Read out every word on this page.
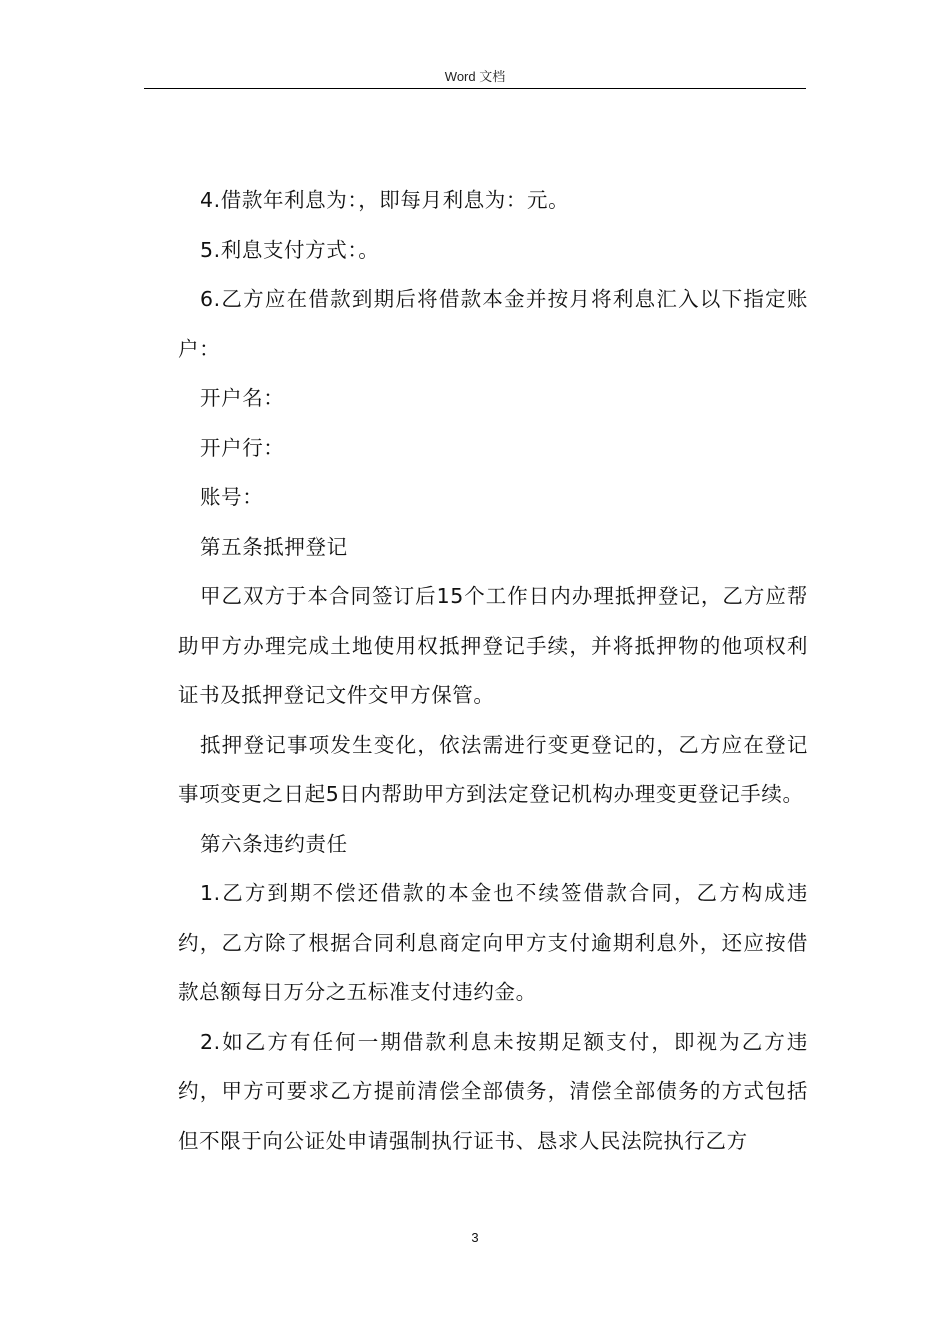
Word 文档

4.借款年利息为：，即每月利息为：元。

5.利息支付方式：。

6.乙方应在借款到期后将借款本金并按月将利息汇入以下指定账户：

开户名：

开户行：

账号：

第五条抵押登记

甲乙双方于本合同签订后15个工作日内办理抵押登记，乙方应帮助甲方办理完成土地使用权抵押登记手续，并将抵押物的他项权利证书及抵押登记文件交甲方保管。

抵押登记事项发生变化，依法需进行变更登记的，乙方应在登记事项变更之日起5日内帮助甲方到法定登记机构办理变更登记手续。

第六条违约责任

1.乙方到期不偿还借款的本金也不续签借款合同，乙方构成违约，乙方除了根据合同利息商定向甲方支付逾期利息外，还应按借款总额每日万分之五标准支付违约金。

2.如乙方有任何一期借款利息未按期足额支付，即视为乙方违约，甲方可要求乙方提前清偿全部债务，清偿全部债务的方式包括但不限于向公证处申请强制执行证书、恳求人民法院执行乙方

3
